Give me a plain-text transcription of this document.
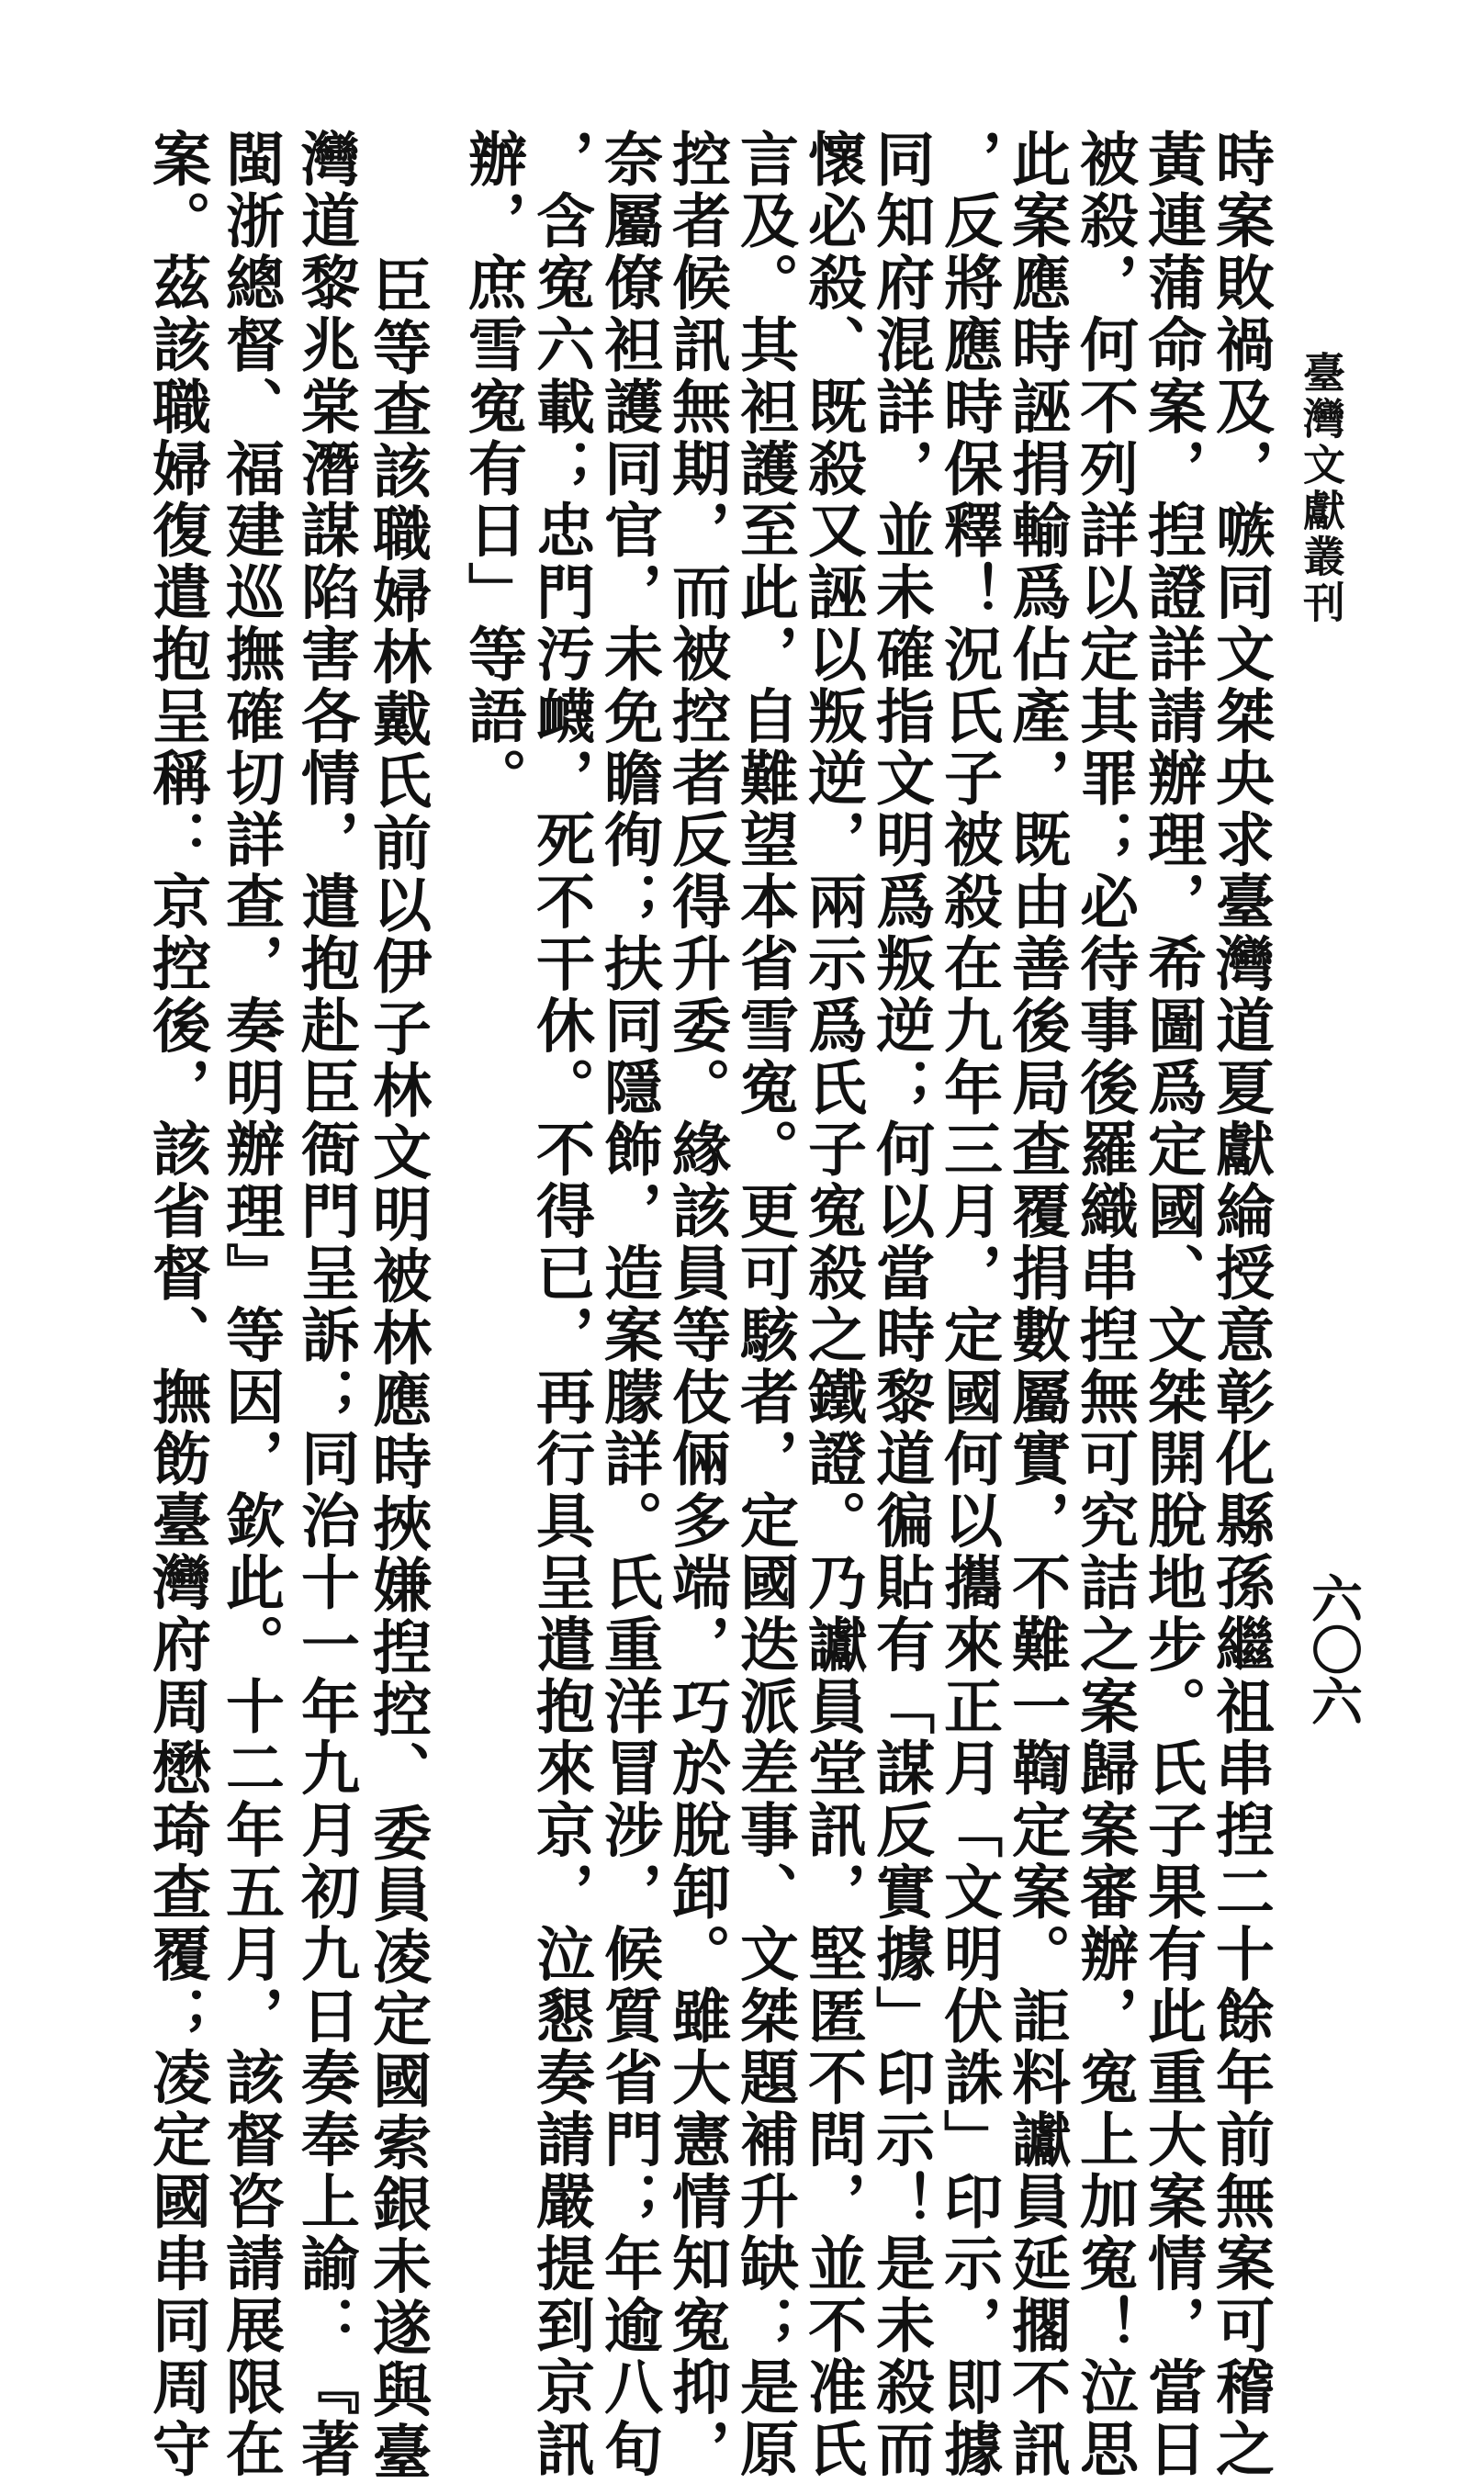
臺灣文獻叢刊
六〇六
時案敗禍及，嗾同文桀央求臺灣道夏獻綸授意彰化縣孫繼祖串揑二十餘年前無案可稽之
黃連蒲命案，揑證詳請辦理，希圖爲定國、文桀開脫地步。氏子果有此重大案情，當日
被殺，何不列詳以定其罪；必待事後羅織串揑無可究詰之案歸案審辦，寃上加寃！泣思
此案應時誣捐輸爲佔產，既由善後局查覆捐數屬實，不難一鞫定案。詎料讞員延擱不訊
，反將應時保釋！況氏子被殺在九年三月，定國何以攜來正月「文明伏誅」印示，即據
同知府混詳，並未確指文明爲叛逆；何以當時黎道徧貼有「謀反實據」印示！是未殺而
懷必殺、既殺又誣以叛逆，兩示爲氏子寃殺之鐵證。乃讞員堂訊，堅匿不問，並不准氏
言及。其袒護至此，自難望本省雪寃。更可駭者，定國迭派差事、文桀題補升缺；是原
控者候訊無期，而被控者反得升委。緣該員等伎倆多端，巧於脫卸。雖大憲情知寃抑，
奈屬僚袒護同官，未免瞻徇；扶同隱飾，造案朦詳。氏重洋冒涉，候質省門；年逾八旬
，含寃六載；忠門汚衊，死不干休。不得已，再行具呈遣抱來京，泣懇奏請嚴提到京訊
辦，庶雪寃有日」等語。
臣等查該職婦林戴氏前以伊子林文明被林應時挾嫌揑控、委員凌定國索銀未遂與臺
灣道黎兆棠潛謀陷害各情，遣抱赴臣衙門呈訴；同治十一年九月初九日奏奉上諭：『著
閩浙總督、福建巡撫確切詳查，奏明辦理』等因，欽此。十二年五月，該督咨請展限在
案。茲該職婦復遣抱呈稱：京控後，該省督、撫飭臺灣府周懋琦查覆；凌定國串同周守
